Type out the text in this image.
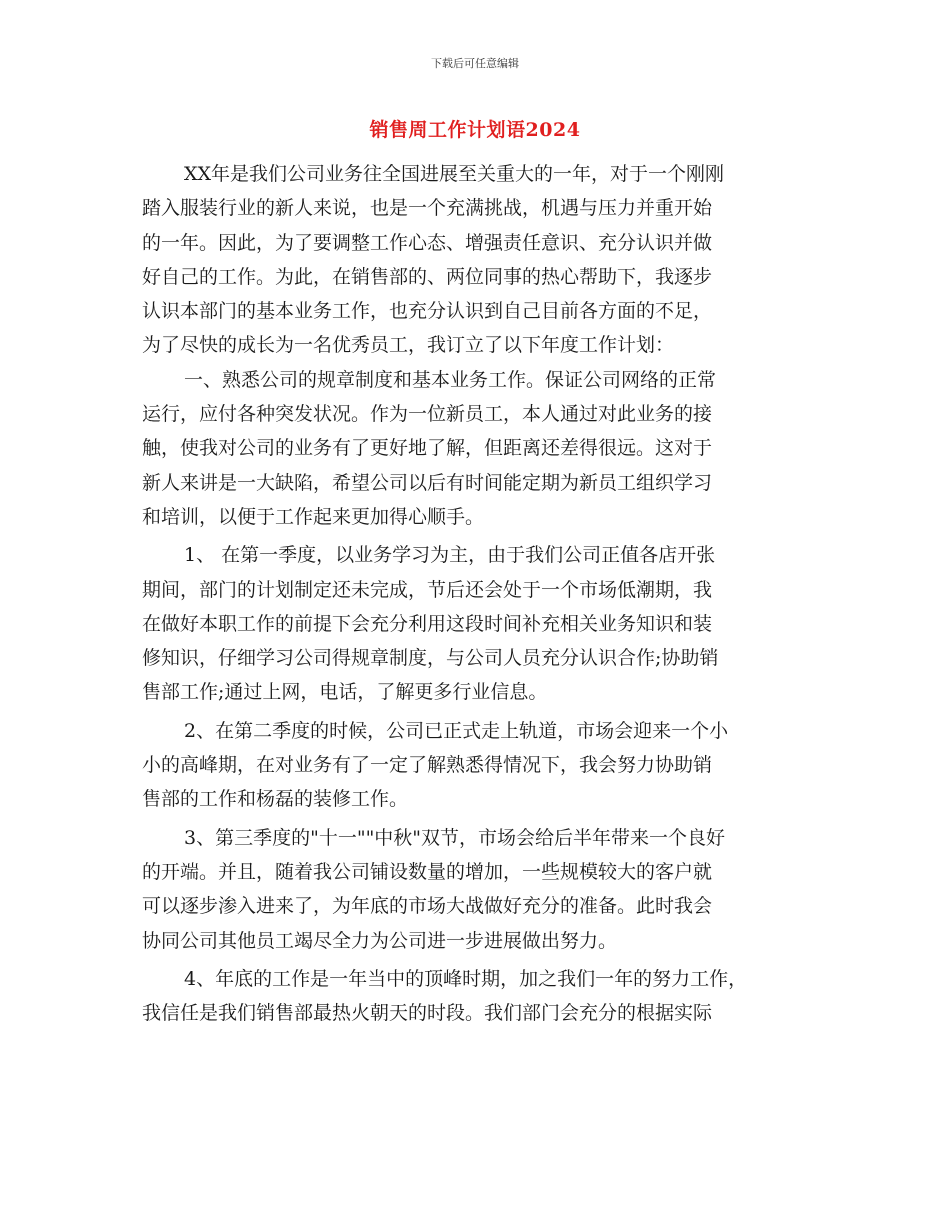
下载后可任意编辑
销售周工作计划语2024
XX年是我们公司业务往全国进展至关重大的一年，对于一个刚刚
踏入服装行业的新人来说，也是一个充满挑战，机遇与压力并重开始
的一年。因此，为了要调整工作心态、增强责任意识、充分认识并做
好自己的工作。为此，在销售部的、两位同事的热心帮助下，我逐步
认识本部门的基本业务工作，也充分认识到自己目前各方面的不足，
为了尽快的成长为一名优秀员工，我订立了以下年度工作计划：
一、熟悉公司的规章制度和基本业务工作。保证公司网络的正常
运行，应付各种突发状况。作为一位新员工，本人通过对此业务的接
触，使我对公司的业务有了更好地了解，但距离还差得很远。这对于
新人来讲是一大缺陷，希望公司以后有时间能定期为新员工组织学习
和培训，以便于工作起来更加得心顺手。
1、 在第一季度，以业务学习为主，由于我们公司正值各店开张
期间，部门的计划制定还未完成，节后还会处于一个市场低潮期，我
在做好本职工作的前提下会充分利用这段时间补充相关业务知识和装
修知识，仔细学习公司得规章制度，与公司人员充分认识合作;协助销
售部工作;通过上网，电话，了解更多行业信息。
2、在第二季度的时候，公司已正式走上轨道，市场会迎来一个小
小的高峰期，在对业务有了一定了解熟悉得情况下，我会努力协助销
售部的工作和杨磊的装修工作。
3、第三季度的"十一""中秋"双节，市场会给后半年带来一个良好
的开端。并且，随着我公司铺设数量的增加，一些规模较大的客户就
可以逐步渗入进来了，为年底的市场大战做好充分的准备。此时我会
协同公司其他员工竭尽全力为公司进一步进展做出努力。
4、年底的工作是一年当中的顶峰时期，加之我们一年的努力工作，
我信任是我们销售部最热火朝天的时段。我们部门会充分的根据实际
